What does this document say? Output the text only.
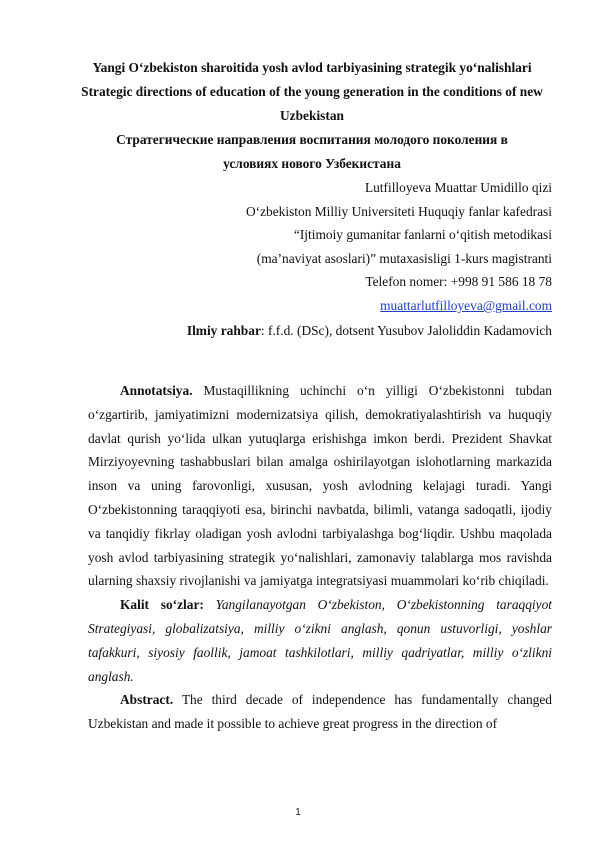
Yangi O‘zbekiston sharoitida yosh avlod tarbiyasining strategik yo‘nalishlari
Strategic directions of education of the young generation in the conditions of new Uzbekistan
Стратегические направления воспитания молодого поколения в условиях нового Узбекистана
Lutfilloyeva Muattar Umidillo qizi
O‘zbekiston Milliy Universiteti Huquqiy fanlar kafedrasi
“Ijtimoiy gumanitar fanlarni o‘qitish metodikasi
(ma’naviyat asoslari)” mutaxasisligi 1-kurs magistranti
Telefon nomer: +998 91 586 18 78
muattarlutfilloyeva@gmail.com
Ilmiy rahbar: f.f.d. (DSc), dotsent Yusubov Jaloliddin Kadamovich

Annotatsiya. Mustaqillikning uchinchi o‘n yilligi O‘zbekistonni tubdan o‘zgartirib, jamiyatimizni modernizatsiya qilish, demokratiyalashtirish va huquqiy davlat qurish yo‘lida ulkan yutuqlarga erishishga imkon berdi. Prezident Shavkat Mirziyoyevning tashabbuslari bilan amalga oshirilayotgan islohotlarning markazida inson va uning farovonligi, xususan, yosh avlodning kelajagi turadi. Yangi O‘zbekistonning taraqqiyoti esa, birinchi navbatda, bilimli, vatanga sadoqatli, ijodiy va tanqidiy fikrlay oladigan yosh avlodni tarbiyalashga bog‘liqdir. Ushbu maqolada yosh avlod tarbiyasining strategik yo‘nalishlari, zamonaviy talablarga mos ravishda ularning shaxsiy rivojlanishi va jamiyatga integratsiyasi muammolari ko‘rib chiqiladi.

Kalit so‘zlar: Yangilanayotgan O‘zbekiston, O‘zbekistonning taraqqiyot Strategiyasi, globalizatsiya, milliy o‘zikni anglash, qonun ustuvorligi, yoshlar tafakkuri, siyosiy faollik, jamoat tashkilotlari, milliy qadriyatlar, milliy o‘zlikni anglash.

Abstract. The third decade of independence has fundamentally changed Uzbekistan and made it possible to achieve great progress in the direction of

1
